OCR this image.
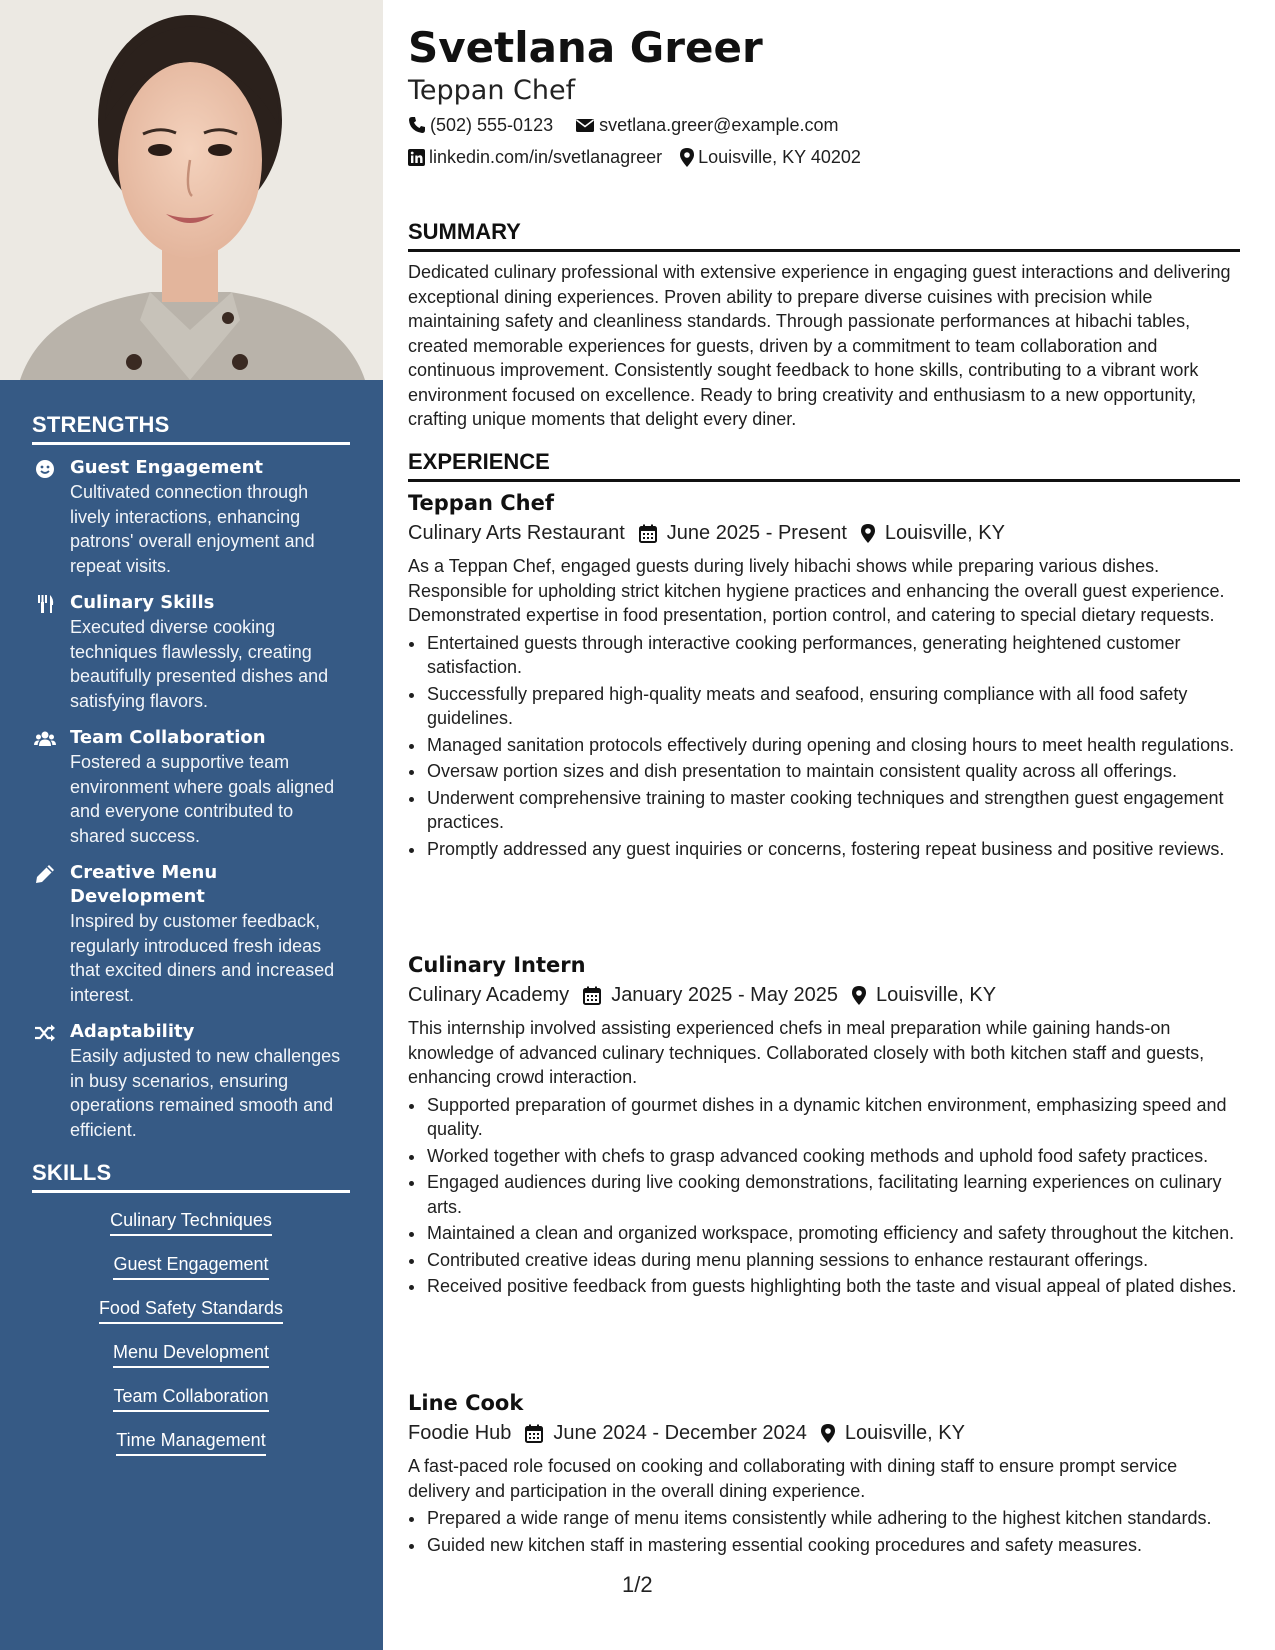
STRENGTHS
Guest Engagement
Cultivated connection through lively interactions, enhancing patrons' overall enjoyment and repeat visits.
Culinary Skills
Executed diverse cooking techniques flawlessly, creating beautifully presented dishes and satisfying flavors.
Team Collaboration
Fostered a supportive team environment where goals aligned and everyone contributed to shared success.
Creative Menu Development
Inspired by customer feedback, regularly introduced fresh ideas that excited diners and increased interest.
Adaptability
Easily adjusted to new challenges in busy scenarios, ensuring operations remained smooth and efficient.
SKILLS
Culinary Techniques
Guest Engagement
Food Safety Standards
Menu Development
Team Collaboration
Time Management
Svetlana Greer
Teppan Chef
(502) 555-0123	svetlana.greer@example.com
linkedin.com/in/svetlanagreer Louisville, KY 40202
SUMMARY

Dedicated culinary professional with extensive experience in engaging guest interactions and delivering exceptional dining experiences. Proven ability to prepare diverse cuisines with precision while maintaining safety and cleanliness standards. Through passionate performances at hibachi tables, created memorable experiences for guests, driven by a commitment to team collaboration and continuous improvement. Consistently sought feedback to hone skills, contributing to a vibrant work environment focused on excellence. Ready to bring creativity and enthusiasm to a new opportunity, crafting unique moments that delight every diner.

EXPERIENCE
Teppan Chef
Culinary Arts Restaurant June 2025 - Present Louisville, KY
As a Teppan Chef, engaged guests during lively hibachi shows while preparing various dishes. Responsible for upholding strict kitchen hygiene practices and enhancing the overall guest experience. Demonstrated expertise in food presentation, portion control, and catering to special dietary requests.
• Entertained guests through interactive cooking performances, generating heightened customer satisfaction.
• Successfully prepared high-quality meats and seafood, ensuring compliance with all food safety guidelines.
• Managed sanitation protocols effectively during opening and closing hours to meet health regulations.
• Oversaw portion sizes and dish presentation to maintain consistent quality across all offerings.
• Underwent comprehensive training to master cooking techniques and strengthen guest engagement practices.
• Promptly addressed any guest inquiries or concerns, fostering repeat business and positive reviews.
Culinary Intern
Culinary Academy January 2025 - May 2025 Louisville, KY
This internship involved assisting experienced chefs in meal preparation while gaining hands-on knowledge of advanced culinary techniques. Collaborated closely with both kitchen staff and guests, enhancing crowd interaction.
• Supported preparation of gourmet dishes in a dynamic kitchen environment, emphasizing speed and quality.
• Worked together with chefs to grasp advanced cooking methods and uphold food safety practices.
• Engaged audiences during live cooking demonstrations, facilitating learning experiences on culinary arts.
• Maintained a clean and organized workspace, promoting efficiency and safety throughout the kitchen.
• Contributed creative ideas during menu planning sessions to enhance restaurant offerings.
• Received positive feedback from guests highlighting both the taste and visual appeal of plated dishes.
Line Cook
Foodie Hub June 2024 - December 2024 Louisville, KY
A fast-paced role focused on cooking and collaborating with dining staff to ensure prompt service delivery and participation in the overall dining experience.
• Prepared a wide range of menu items consistently while adhering to the highest kitchen standards.
• Guided new kitchen staff in mastering essential cooking procedures and safety measures.
1/2
